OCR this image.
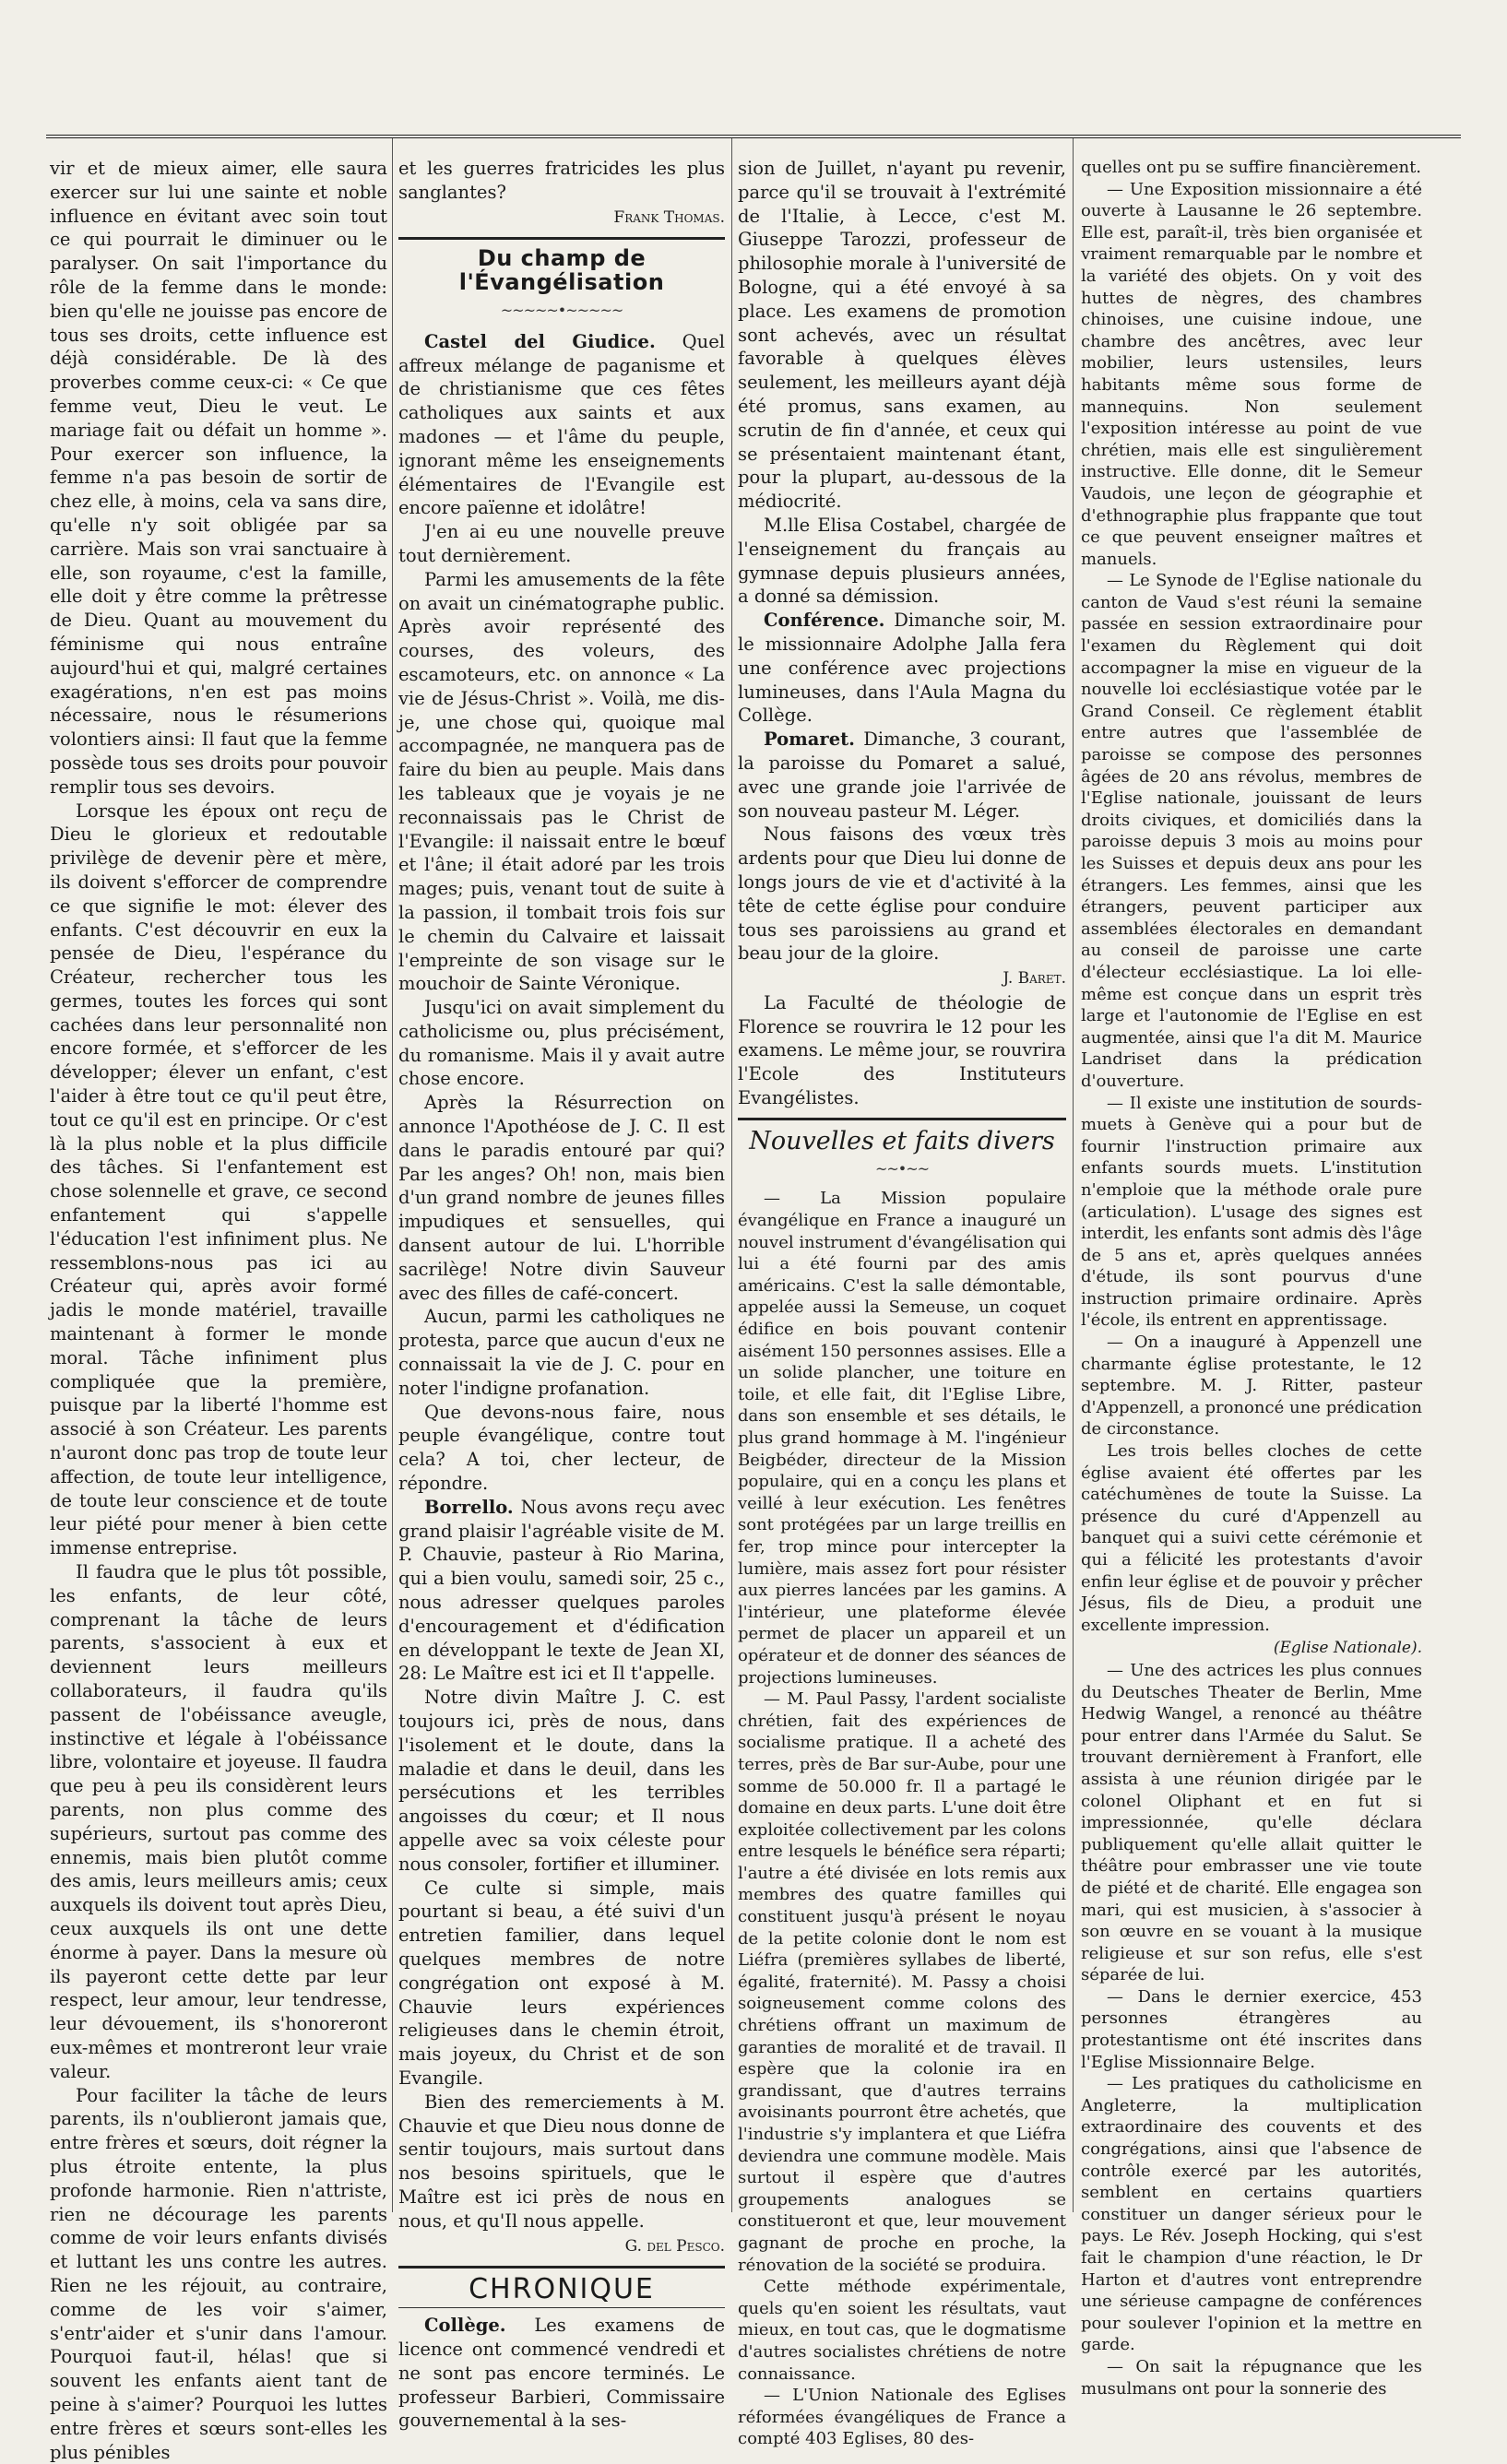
vir et de mieux aimer, elle saura exercer sur lui une sainte et noble influence en évitant avec soin tout ce qui pourrait le diminuer ou le paralyser. On sait l'importance du rôle de la femme dans le monde: bien qu'elle ne jouisse pas encore de tous ses droits, cette influence est déjà considérable. De là des proverbes comme ceux-ci: « Ce que femme veut, Dieu le veut. Le mariage fait ou défait un homme ». Pour exercer son influence, la femme n'a pas besoin de sortir de chez elle, à moins, cela va sans dire, qu'elle n'y soit obligée par sa carrière. Mais son vrai sanctuaire à elle, son royaume, c'est la famille, elle doit y être comme la prêtresse de Dieu. Quant au mouvement du féminisme qui nous entraîne aujourd'hui et qui, malgré certaines exagérations, n'en est pas moins nécessaire, nous le résumerions volontiers ainsi: Il faut que la femme possède tous ses droits pour pouvoir remplir tous ses devoirs.

Lorsque les époux ont reçu de Dieu le glorieux et redoutable privilège de devenir père et mère, ils doivent s'efforcer de comprendre ce que signifie le mot: élever des enfants. C'est découvrir en eux la pensée de Dieu, l'espérance du Créateur, rechercher tous les germes, toutes les forces qui sont cachées dans leur personnalité non encore formée, et s'efforcer de les développer; élever un enfant, c'est l'aider à être tout ce qu'il peut être, tout ce qu'il est en principe. Or c'est là la plus noble et la plus difficile des tâches. Si l'enfantement est chose solennelle et grave, ce second enfantement qui s'appelle l'éducation l'est infiniment plus. Ne ressemblons-nous pas ici au Créateur qui, après avoir formé jadis le monde matériel, travaille maintenant à former le monde moral. Tâche infiniment plus compliquée que la première, puisque par la liberté l'homme est associé à son Créateur. Les parents n'auront donc pas trop de toute leur affection, de toute leur intelligence, de toute leur conscience et de toute leur piété pour mener à bien cette immense entreprise.

Il faudra que le plus tôt possible, les enfants, de leur côté, comprenant la tâche de leurs parents, s'associent à eux et deviennent leurs meilleurs collaborateurs, il faudra qu'ils passent de l'obéissance aveugle, instinctive et légale à l'obéissance libre, volontaire et joyeuse. Il faudra que peu à peu ils considèrent leurs parents, non plus comme des supérieurs, surtout pas comme des ennemis, mais bien plutôt comme des amis, leurs meilleurs amis; ceux auxquels ils doivent tout après Dieu, ceux auxquels ils ont une dette énorme à payer. Dans la mesure où ils payeront cette dette par leur respect, leur amour, leur tendresse, leur dévouement, ils s'honoreront eux-mêmes et montreront leur vraie valeur.

Pour faciliter la tâche de leurs parents, ils n'oublieront jamais que, entre frères et sœurs, doit régner la plus étroite entente, la plus profonde harmonie. Rien n'attriste, rien ne décourage les parents comme de voir leurs enfants divisés et luttant les uns contre les autres. Rien ne les réjouit, au contraire, comme de les voir s'aimer, s'entr'aider et s'unir dans l'amour. Pourquoi faut-il, hélas! que si souvent les enfants aient tant de peine à s'aimer? Pourquoi les luttes entre frères et sœurs sont-elles les plus pénibles

et les guerres fratricides les plus sanglantes?

Frank Thomas.
Du champ de l'Évangélisation
~~~~~•~~~~~

Castel del Giudice. Quel affreux mélange de paganisme et de christianisme que ces fêtes catholiques aux saints et aux madones — et l'âme du peuple, ignorant même les enseignements élémentaires de l'Evangile est encore païenne et idolâtre!

J'en ai eu une nouvelle preuve tout dernièrement.

Parmi les amusements de la fête on avait un cinématographe public. Après avoir représenté des courses, des voleurs, des escamoteurs, etc. on annonce « La vie de Jésus-Christ ». Voilà, me dis-je, une chose qui, quoique mal accompagnée, ne manquera pas de faire du bien au peuple. Mais dans les tableaux que je voyais je ne reconnaissais pas le Christ de l'Evangile: il naissait entre le bœuf et l'âne; il était adoré par les trois mages; puis, venant tout de suite à la passion, il tombait trois fois sur le chemin du Calvaire et laissait l'empreinte de son visage sur le mouchoir de Sainte Véronique.

Jusqu'ici on avait simplement du catholicisme ou, plus précisément, du romanisme. Mais il y avait autre chose encore.

Après la Résurrection on annonce l'Apothéose de J. C. Il est dans le paradis entouré par qui? Par les anges? Oh! non, mais bien d'un grand nombre de jeunes filles impudiques et sensuelles, qui dansent autour de lui. L'horrible sacrilège! Notre divin Sauveur avec des filles de café-concert.

Aucun, parmi les catholiques ne protesta, parce que aucun d'eux ne connaissait la vie de J. C. pour en noter l'indigne profanation.

Que devons-nous faire, nous peuple évangélique, contre tout cela? A toi, cher lecteur, de répondre.

Borrello. Nous avons reçu avec grand plaisir l'agréable visite de M. P. Chauvie, pasteur à Rio Marina, qui a bien voulu, samedi soir, 25 c., nous adresser quelques paroles d'encouragement et d'édification en développant le texte de Jean XI, 28: Le Maître est ici et Il t'appelle.

Notre divin Maître J. C. est toujours ici, près de nous, dans l'isolement et le doute, dans la maladie et dans le deuil, dans les persécutions et les terribles angoisses du cœur; et Il nous appelle avec sa voix céleste pour nous consoler, fortifier et illuminer.

Ce culte si simple, mais pourtant si beau, a été suivi d'un entretien familier, dans lequel quelques membres de notre congrégation ont exposé à M. Chauvie leurs expériences religieuses dans le chemin étroit, mais joyeux, du Christ et de son Evangile.

Bien des remerciements à M. Chauvie et que Dieu nous donne de sentir toujours, mais surtout dans nos besoins spirituels, que le Maître est ici près de nous en nous, et qu'Il nous appelle.

G. del Pesco.
CHRONIQUE

Collège. Les examens de licence ont commencé vendredi et ne sont pas encore terminés. Le professeur Barbieri, Commissaire gouvernemental à la ses-

sion de Juillet, n'ayant pu revenir, parce qu'il se trouvait à l'extrémité de l'Italie, à Lecce, c'est M. Giuseppe Tarozzi, professeur de philosophie morale à l'université de Bologne, qui a été envoyé à sa place. Les examens de promotion sont achevés, avec un résultat favorable à quelques élèves seulement, les meilleurs ayant déjà été promus, sans examen, au scrutin de fin d'année, et ceux qui se présentaient maintenant étant, pour la plupart, au-dessous de la médiocrité.

M.lle Elisa Costabel, chargée de l'enseignement du français au gymnase depuis plusieurs années, a donné sa démission.

Conférence. Dimanche soir, M. le missionnaire Adolphe Jalla fera une conférence avec projections lumineuses, dans l'Aula Magna du Collège.

Pomaret. Dimanche, 3 courant, la paroisse du Pomaret a salué, avec une grande joie l'arrivée de son nouveau pasteur M. Léger.

Nous faisons des vœux très ardents pour que Dieu lui donne de longs jours de vie et d'activité à la tête de cette église pour conduire tous ses paroissiens au grand et beau jour de la gloire.

J. Baret.

La Faculté de théologie de Florence se rouvrira le 12 pour les examens. Le même jour, se rouvrira l'Ecole des Instituteurs Evangélistes.

Nouvelles et faits divers
~~•~~

— La Mission populaire évangélique en France a inauguré un nouvel instrument d'évangélisation qui lui a été fourni par des amis américains. C'est la salle démontable, appelée aussi la Semeuse, un coquet édifice en bois pouvant contenir aisément 150 personnes assises. Elle a un solide plancher, une toiture en toile, et elle fait, dit l'Eglise Libre, dans son ensemble et ses détails, le plus grand hommage à M. l'ingénieur Beigbéder, directeur de la Mission populaire, qui en a conçu les plans et veillé à leur exécution. Les fenêtres sont protégées par un large treillis en fer, trop mince pour intercepter la lumière, mais assez fort pour résister aux pierres lancées par les gamins. A l'intérieur, une plateforme élevée permet de placer un appareil et un opérateur et de donner des séances de projections lumineuses.

— M. Paul Passy, l'ardent socialiste chrétien, fait des expériences de socialisme pratique. Il a acheté des terres, près de Bar sur-Aube, pour une somme de 50.000 fr. Il a partagé le domaine en deux parts. L'une doit être exploitée collectivement par les colons entre lesquels le bénéfice sera réparti; l'autre a été divisée en lots remis aux membres des quatre familles qui constituent jusqu'à présent le noyau de la petite colonie dont le nom est Liéfra (premières syllabes de liberté, égalité, fraternité). M. Passy a choisi soigneusement comme colons des chrétiens offrant un maximum de garanties de moralité et de travail. Il espère que la colonie ira en grandissant, que d'autres terrains avoisinants pourront être achetés, que l'industrie s'y implantera et que Liéfra deviendra une commune modèle. Mais surtout il espère que d'autres groupements analogues se constitueront et que, leur mouvement gagnant de proche en proche, la rénovation de la société se produira.

Cette méthode expérimentale, quels qu'en soient les résultats, vaut mieux, en tout cas, que le dogmatisme d'autres socialistes chrétiens de notre connaissance.

— L'Union Nationale des Eglises réformées évangéliques de France a compté 403 Eglises, 80 des-

quelles ont pu se suffire financièrement.

— Une Exposition missionnaire a été ouverte à Lausanne le 26 septembre. Elle est, paraît-il, très bien organisée et vraiment remarquable par le nombre et la variété des objets. On y voit des huttes de nègres, des chambres chinoises, une cuisine indoue, une chambre des ancêtres, avec leur mobilier, leurs ustensiles, leurs habitants même sous forme de mannequins. Non seulement l'exposition intéresse au point de vue chrétien, mais elle est singulièrement instructive. Elle donne, dit le Semeur Vaudois, une leçon de géographie et d'ethnographie plus frappante que tout ce que peuvent enseigner maîtres et manuels.

— Le Synode de l'Eglise nationale du canton de Vaud s'est réuni la semaine passée en session extraordinaire pour l'examen du Règlement qui doit accompagner la mise en vigueur de la nouvelle loi ecclésiastique votée par le Grand Conseil. Ce règlement établit entre autres que l'assemblée de paroisse se compose des personnes âgées de 20 ans révolus, membres de l'Eglise nationale, jouissant de leurs droits civiques, et domiciliés dans la paroisse depuis 3 mois au moins pour les Suisses et depuis deux ans pour les étrangers. Les femmes, ainsi que les étrangers, peuvent participer aux assemblées électorales en demandant au conseil de paroisse une carte d'électeur ecclésiastique. La loi elle-même est conçue dans un esprit très large et l'autonomie de l'Eglise en est augmentée, ainsi que l'a dit M. Maurice Landriset dans la prédication d'ouverture.

— Il existe une institution de sourds-muets à Genève qui a pour but de fournir l'instruction primaire aux enfants sourds muets. L'institution n'emploie que la méthode orale pure (articulation). L'usage des signes est interdit, les enfants sont admis dès l'âge de 5 ans et, après quelques années d'étude, ils sont pourvus d'une instruction primaire ordinaire. Après l'école, ils entrent en apprentissage.

— On a inauguré à Appenzell une charmante église protestante, le 12 septembre. M. J. Ritter, pasteur d'Appenzell, a prononcé une prédication de circonstance.

Les trois belles cloches de cette église avaient été offertes par les catéchumènes de toute la Suisse. La présence du curé d'Appenzell au banquet qui a suivi cette cérémonie et qui a félicité les protestants d'avoir enfin leur église et de pouvoir y prêcher Jésus, fils de Dieu, a produit une excellente impression.

(Eglise Nationale).

— Une des actrices les plus connues du Deutsches Theater de Berlin, Mme Hedwig Wangel, a renoncé au théâtre pour entrer dans l'Armée du Salut. Se trouvant dernièrement à Franfort, elle assista à une réunion dirigée par le colonel Oliphant et en fut si impressionnée, qu'elle déclara publiquement qu'elle allait quitter le théâtre pour embrasser une vie toute de piété et de charité. Elle engagea son mari, qui est musicien, à s'associer à son œuvre en se vouant à la musique religieuse et sur son refus, elle s'est séparée de lui.

— Dans le dernier exercice, 453 personnes étrangères au protestantisme ont été inscrites dans l'Eglise Missionnaire Belge.

— Les pratiques du catholicisme en Angleterre, la multiplication extraordinaire des couvents et des congrégations, ainsi que l'absence de contrôle exercé par les autorités, semblent en certains quartiers constituer un danger sérieux pour le pays. Le Rév. Joseph Hocking, qui s'est fait le champion d'une réaction, le Dr Harton et d'autres vont entreprendre une sérieuse campagne de conférences pour soulever l'opinion et la mettre en garde.

— On sait la répugnance que les musulmans ont pour la sonnerie des
